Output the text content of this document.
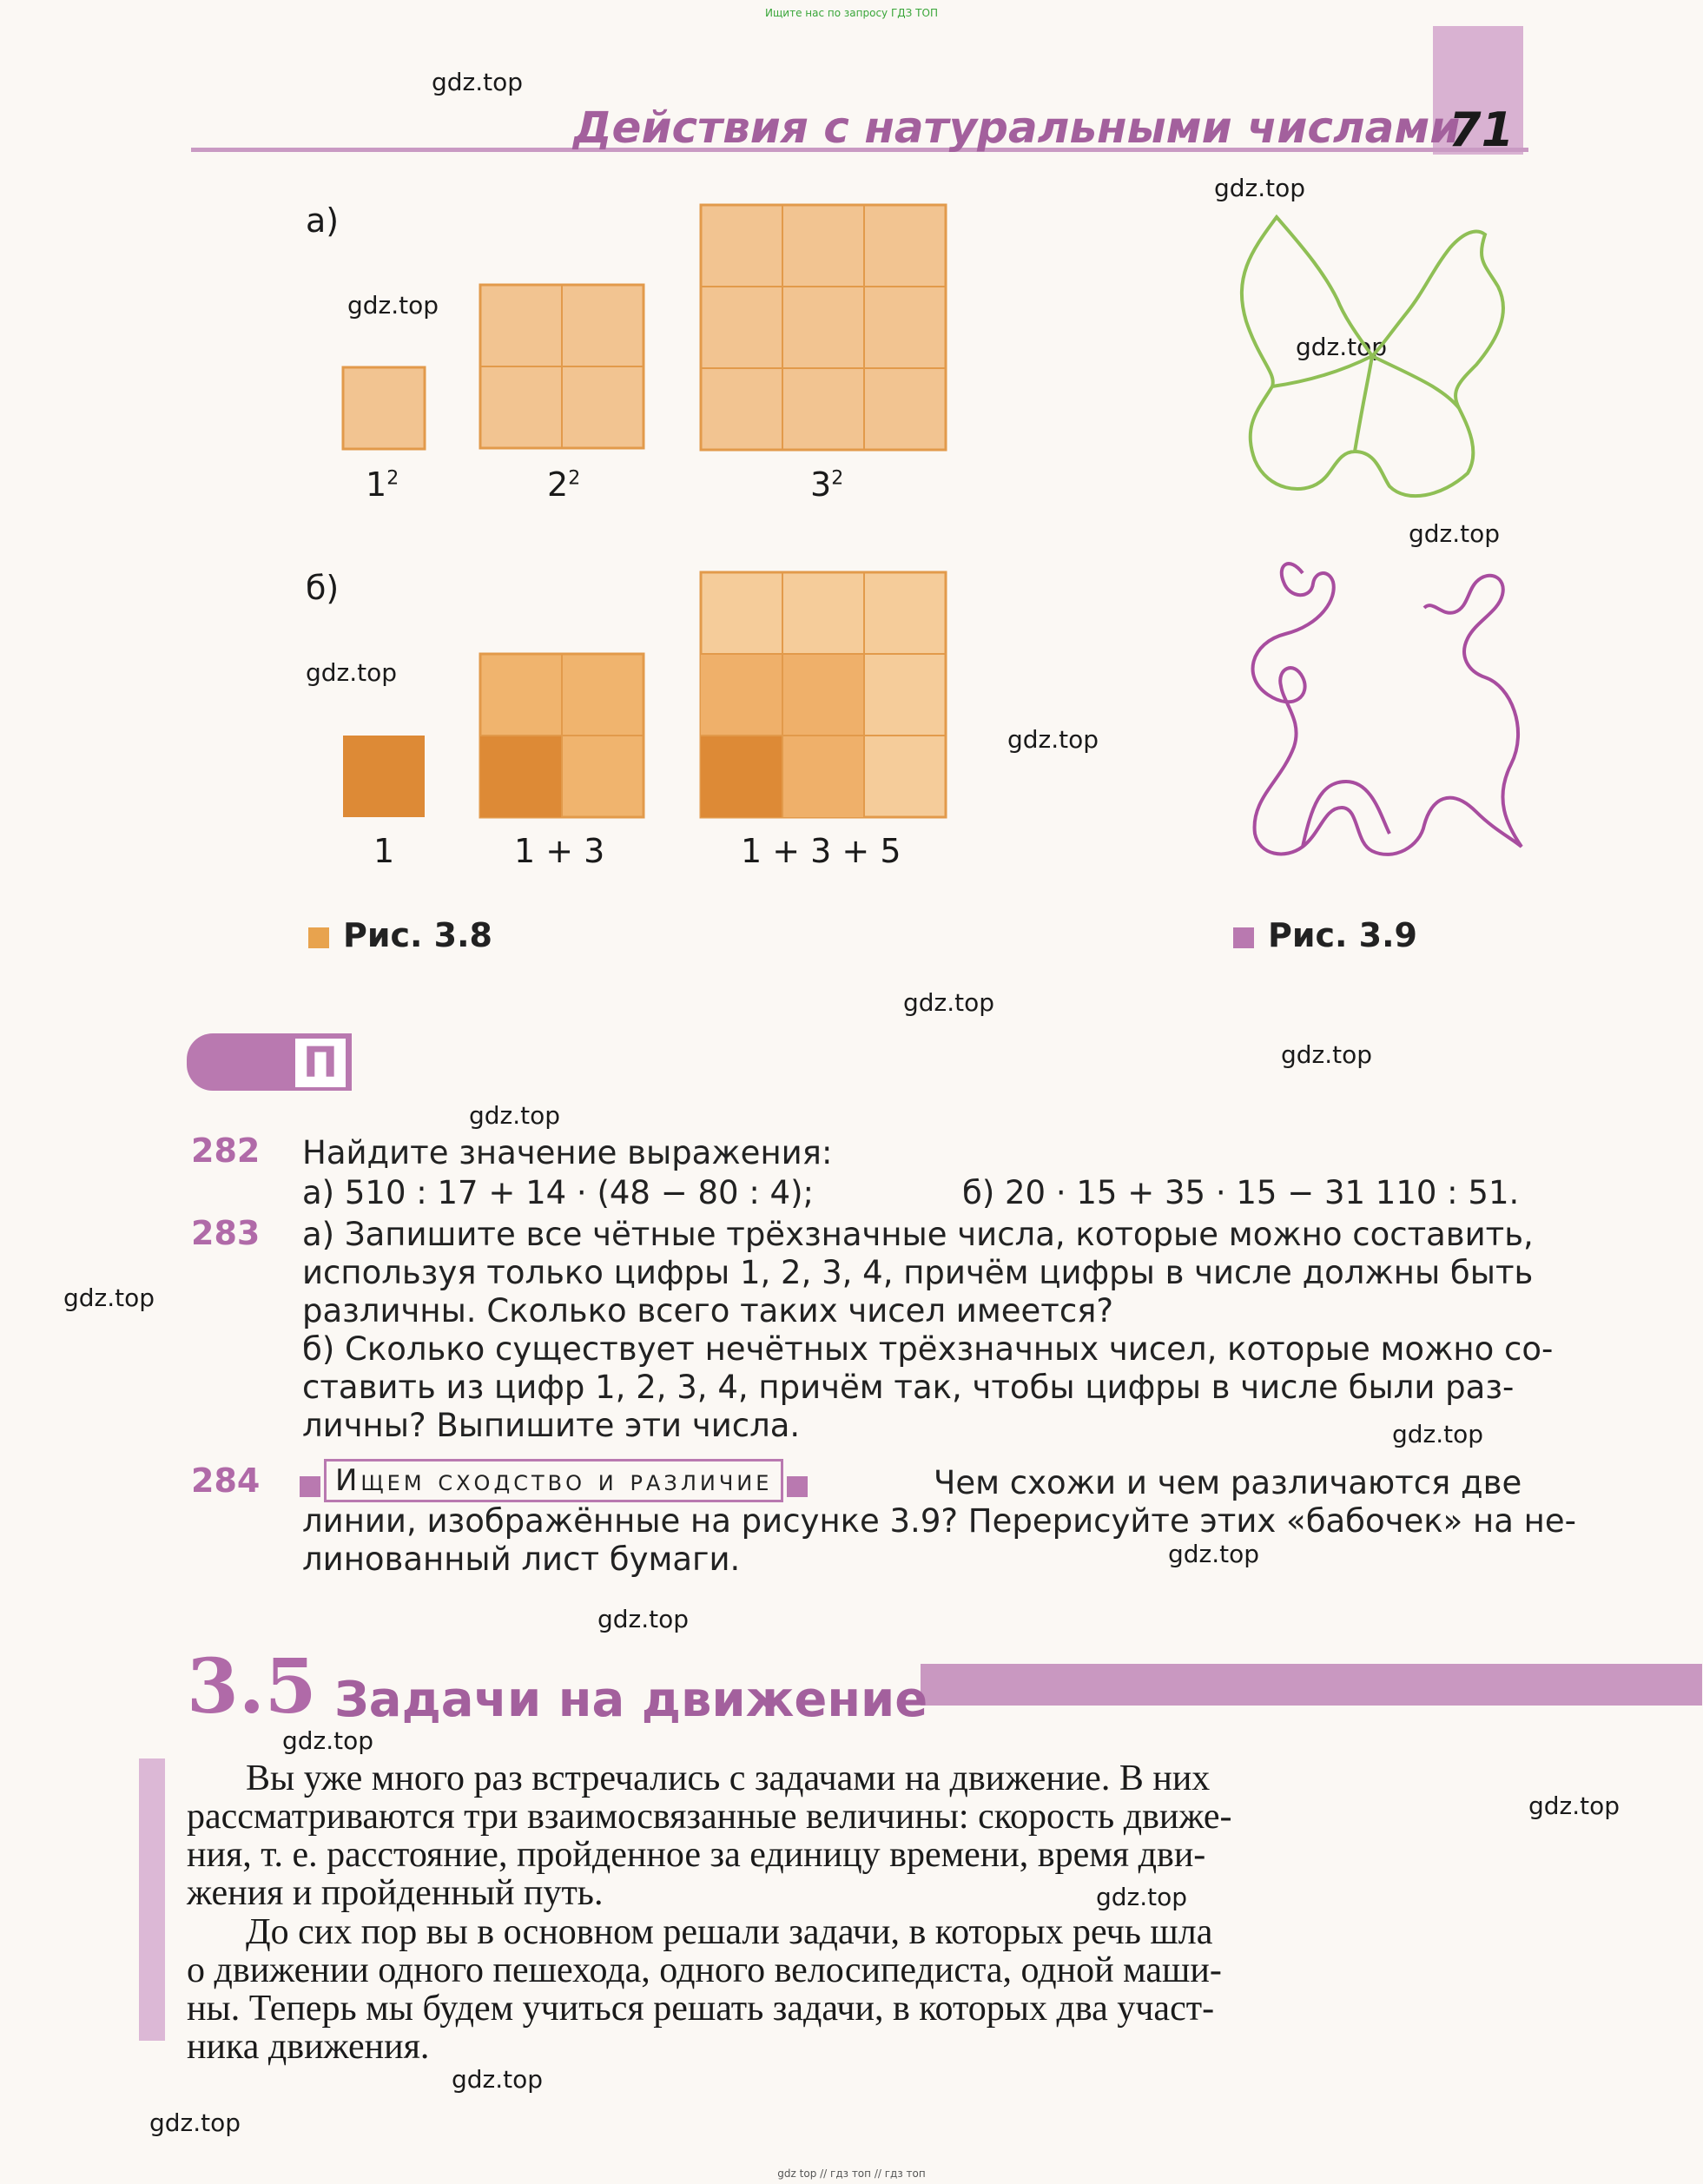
Ищите нас по запросу ГДЗ ТОП
Действия с натуральными числами
71
gdz.top
gdz.top
gdz.top
gdz.top
gdz.top
gdz.top
gdz.top
gdz.top
gdz.top
gdz.top
gdz.top
gdz.top
gdz.top
gdz.top
gdz.top
gdz.top
gdz.top
gdz.top
gdz.top
а)
$1^2$	$2^2$	$3^2$
б)
1	1 + 3	1 + 3 + 5
Рис. 3.8	Рис. 3.9
П
282 Найдите значение выражения:
а) 510 : 17 + 14 · (48 − 80 : 4);	б) 20 · 15 + 35 · 15 − 31 110 : 51.
283 а) Запишите все чётные трёхзначные числа, которые можно составить,
используя только цифры 1, 2, 3, 4, причём цифры в числе должны быть
различны. Сколько всего таких чисел имеется?
б) Сколько существует нечётных трёхзначных чисел, которые можно со-
ставить из цифр 1, 2, 3, 4, причём так, чтобы цифры в числе были раз-
личны? Выпишите эти числа.
284	Ищем сходство и различие	Чем схожи и чем различаются две
линии, изображённые на рисунке 3.9? Перерисуйте этих «бабочек» на не-
линованный лист бумаги.
3.5 Задачи на движение
Вы уже много раз встречались с задачами на движение. В них
рассматриваются три взаимосвязанные величины: скорость движе-
ния, т. е. расстояние, пройденное за единицу времени, время дви-
жения и пройденный путь.
До сих пор вы в основном решали задачи, в которых речь шла
о движении одного пешехода, одного велосипедиста, одной маши-
ны. Теперь мы будем учиться решать задачи, в которых два участ-
ника движения.
gdz top // гдз топ // гдз топ
